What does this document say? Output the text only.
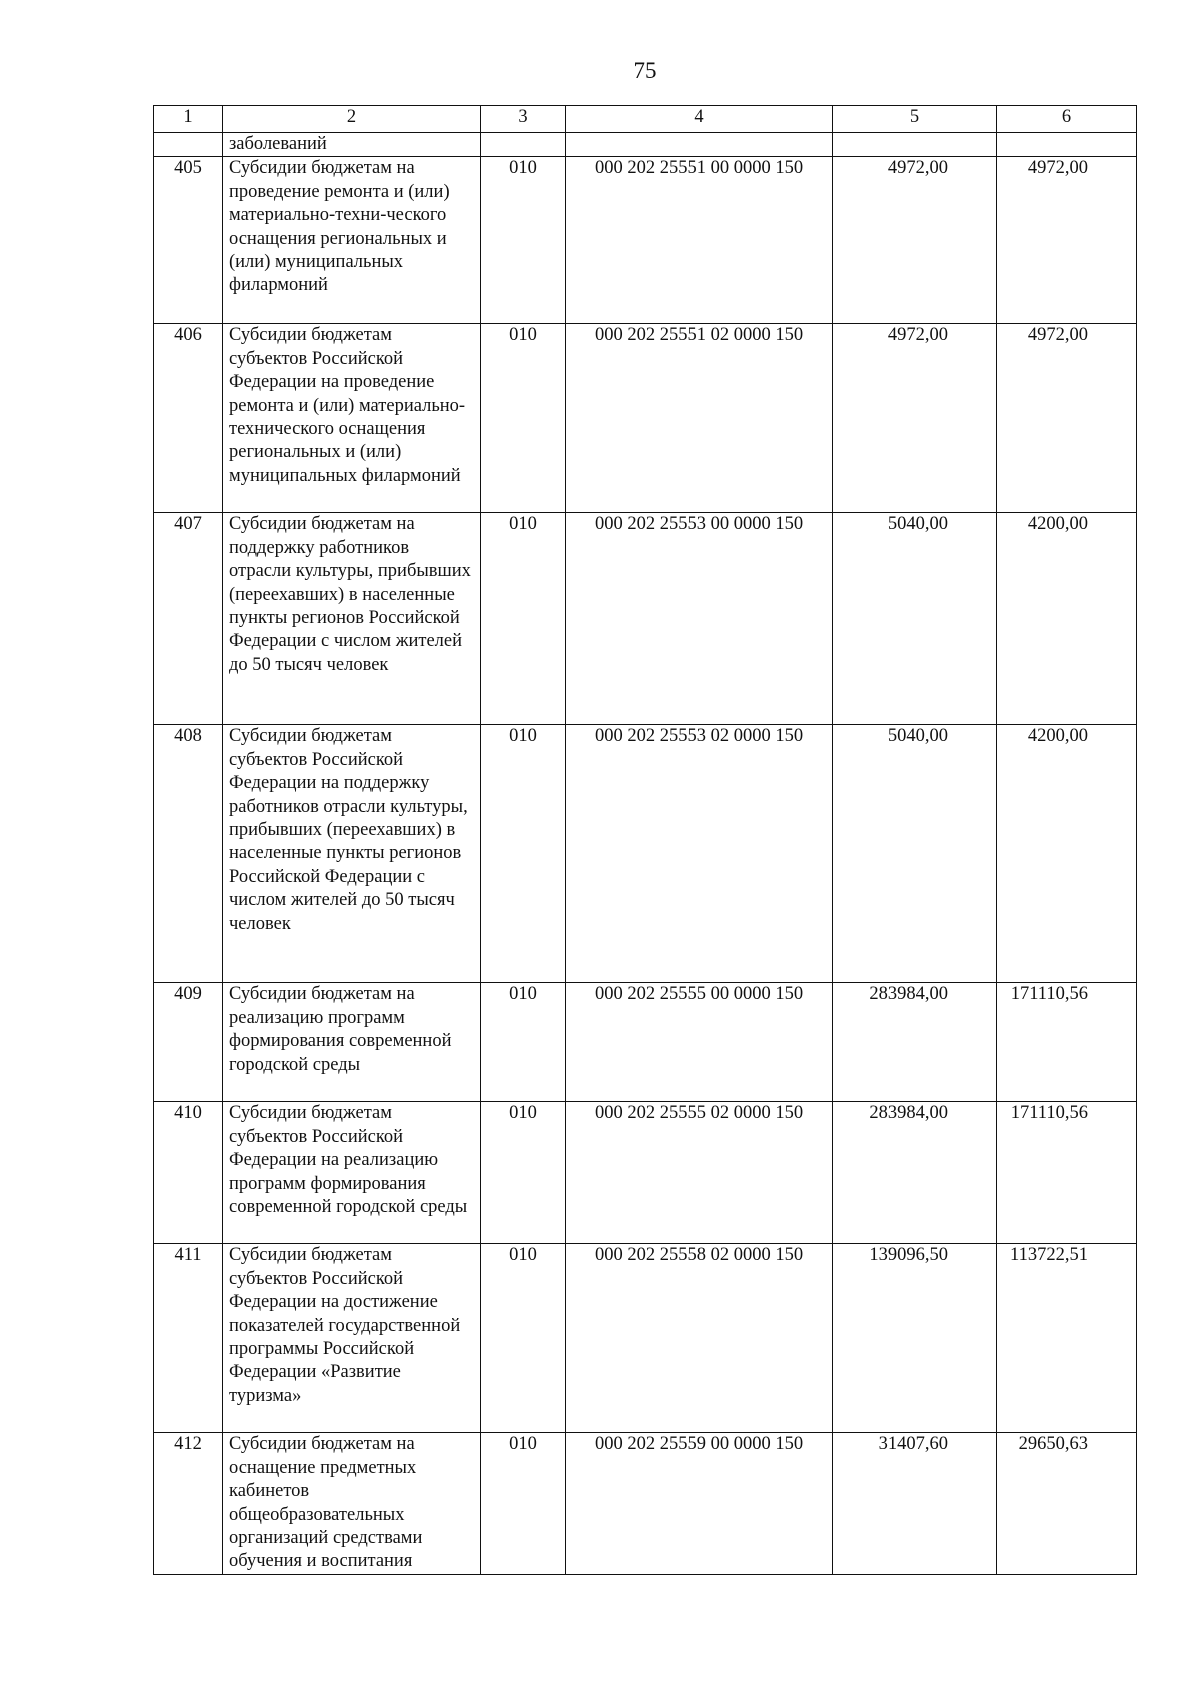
75
1	2	3	4	5	6
	заболеваний				
405	Субсидии бюджетам на проведение ремонта и (или) материально-техни-ческого оснащения региональных и (или) муниципальных филармоний	010	000 202 25551 00 0000 150	4972,00	4972,00
406	Субсидии бюджетам субъектов Российской Федерации на проведение ремонта и (или) материально-технического оснащения региональных и (или) муниципальных филармоний	010	000 202 25551 02 0000 150	4972,00	4972,00
407	Субсидии бюджетам на поддержку работников отрасли культуры, прибывших (переехавших) в населенные пункты регионов Российской Федерации с числом жителей до 50 тысяч человек	010	000 202 25553 00 0000 150	5040,00	4200,00
408	Субсидии бюджетам субъектов Российской Федерации на поддержку работников отрасли культуры, прибывших (переехавших) в населенные пункты регионов Российской Федерации с числом жителей до 50 тысяч человек	010	000 202 25553 02 0000 150	5040,00	4200,00
409	Субсидии бюджетам на реализацию программ формирования современной городской среды	010	000 202 25555 00 0000 150	283984,00	171110,56
410	Субсидии бюджетам субъектов Российской Федерации на реализацию программ формирования современной городской среды	010	000 202 25555 02 0000 150	283984,00	171110,56
411	Субсидии бюджетам субъектов Российской Федерации на достижение показателей государственной программы Российской Федерации «Развитие туризма»	010	000 202 25558 02 0000 150	139096,50	113722,51
412	Субсидии бюджетам на оснащение предметных кабинетов общеобразовательных организаций средствами обучения и воспитания	010	000 202 25559 00 0000 150	31407,60	29650,63
